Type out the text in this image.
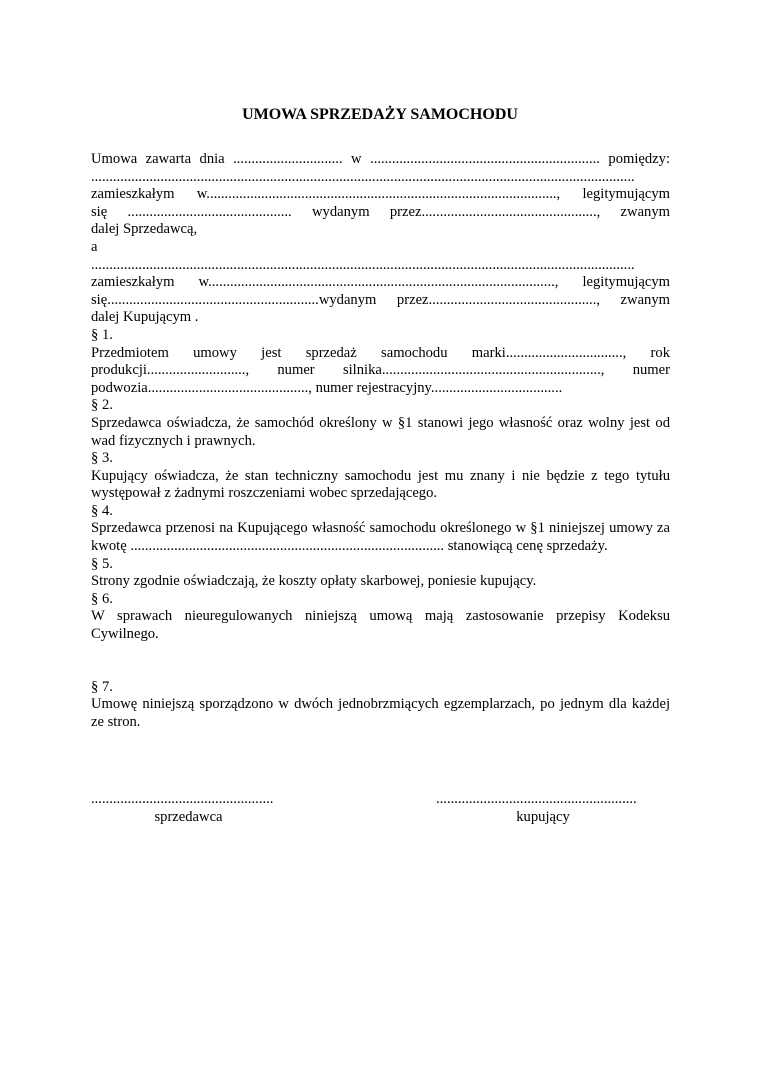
UMOWA SPRZEDAŻY SAMOCHODU

Umowa zawarta dnia .............................. w ............................................................... pomiędzy:

.....................................................................................................................................................

zamieszkałym w................................................................................................, legitymującym

się ............................................. wydanym przez................................................, zwanym

dalej Sprzedawcą,

a

.....................................................................................................................................................

zamieszkałym w..............................................................................................., legitymującym

się..........................................................wydanym przez.............................................., zwanym

dalej Kupującym .

§ 1.

Przedmiotem umowy jest sprzedaż samochodu marki................................, rok produkcji..........................., numer silnika............................................................, numer podwozia............................................, numer rejestracyjny....................................

§ 2.

Sprzedawca oświadcza, że samochód określony w §1 stanowi jego własność oraz wolny jest od wad fizycznych i prawnych.

§ 3.

Kupujący oświadcza, że stan techniczny samochodu jest mu znany i nie będzie z tego tytułu występował z żadnymi roszczeniami wobec sprzedającego.

§ 4.

Sprzedawca przenosi na Kupującego własność samochodu określonego w §1 niniejszej umowy za kwotę ...................................................................................... stanowiącą cenę sprzedaży.

§ 5.

Strony zgodnie oświadczają, że koszty opłaty skarbowej, poniesie kupujący.

§ 6.

W sprawach nieuregulowanych niniejszą umową mają zastosowanie przepisy Kodeksu Cywilnego.

§ 7.

Umowę niniejszą sporządzono w dwóch jednobrzmiących egzemplarzach, po jednym dla każdej ze stron.

..................................................
sprzedawca
.......................................................
kupujący
